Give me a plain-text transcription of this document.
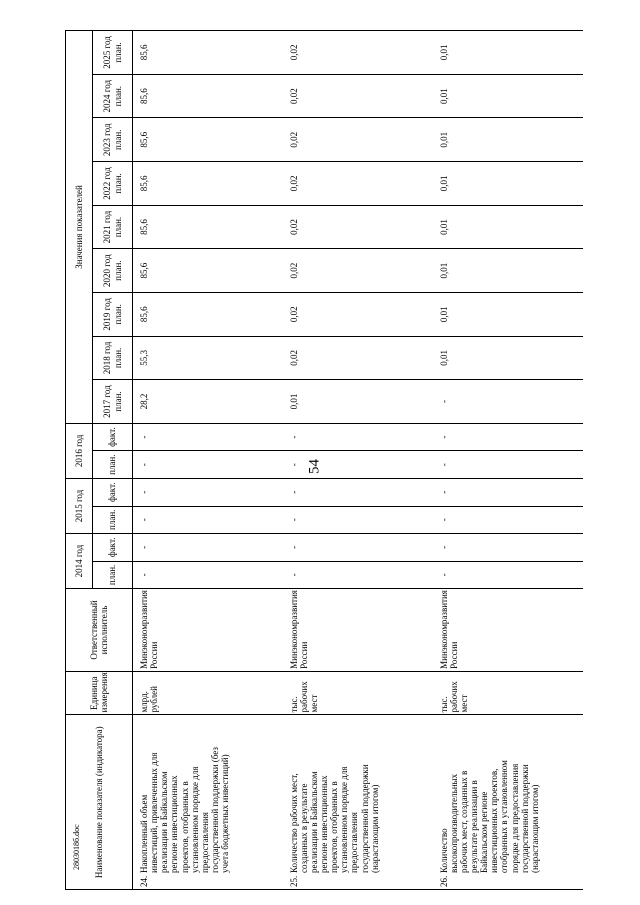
54
Наименование показателя (индикатора)	Единица измерения	Ответственный исполнитель	2014 год		2015 год		2016 год		Значения показателей								
			план.	факт.	план.	факт.	план.	факт.	2017 год план.	2018 год план.	2019 год план.	2020 год план.	2021 год план.	2022 год план.	2023 год план.	2024 год план.	2025 год план.

24.Накопленный объем инвестиций, привлеченных для реализации в Байкальском регионе инвестиционных проектов, отобранных в установленном порядке для предоставления государственной поддержки (без учета бюджетных инвестиций)	млрд. рублей	Минэкономразвития России	-	-	-	-	-	-	28,2	55,3	85,6	85,6	85,6	85,6	85,6	85,6	85,6
25.Количество рабочих мест, созданных в результате реализации в Байкальском регионе инвестиционных проектов, отобранных в установленном порядке для предоставления государственной поддержки (нарастающим итогом)	тыс. рабочих мест	Минэкономразвития России	-	-	-	-	-	-	0,01	0,02	0,02	0,02	0,02	0,02	0,02	0,02	0,02
26.Количество высокопроизводительных рабочих мест, созданных в результате реализации в Байкальском регионе инвестиционных проектов, отобранных в установленном порядке для предоставления государственной поддержки (нарастающим итогом)	тыс. рабочих мест	Минэкономразвития России	-	-	-	-	-	-	-	0,01	0,01	0,01	0,01	0,01	0,01	0,01	0,01
2803018б.doc
